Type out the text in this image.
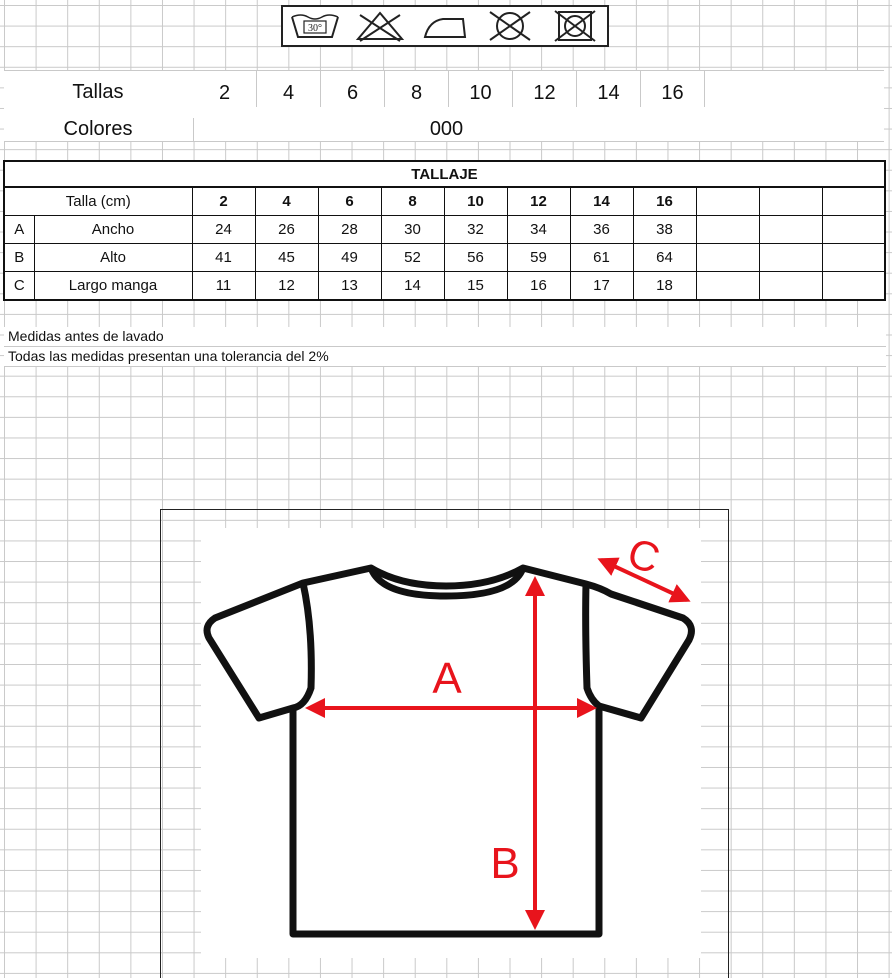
30°
Tallas	2	4	6	8	10	12	14	16
Colores	000
TALLAJE												
Talla (cm)		2	4	6	8	10	12	14	16			
A	Ancho	24	26	28	30	32	34	36	38			
B	Alto	41	45	49	52	56	59	61	64			
C	Largo manga	11	12	13	14	15	16	17	18			
Medidas antes de lavado
Todas las medidas presentan una tolerancia del 2%
A
B
C
